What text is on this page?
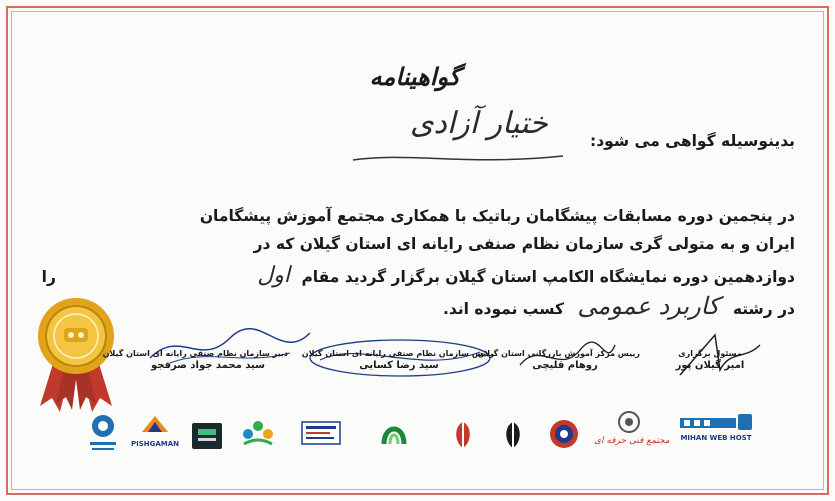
گواهینامه
بدینوسیله گواهی می شود:
ختیار آزادی
در پنجمین دوره مسابقات پیشگامان رباتیک با همکاری مجتمع آموزش پیشگامان
ایران و به متولی گری سازمان نظام صنفی رایانه ای استان گیلان که در
دوازدهمین دوره نمایشگاه الکامپ استان گیلان برگزار گردید مقام اول را
در رشته کاربرد عمومی کسب نموده اند.
دبیر سازمان نظام صنفی رایانه ای استان گیلان
سید محمد جواد صرفجو
رییس سازمان نظام صنفی رایانه ای استان گیلان
سید رضا کسایی
رییس مرکز آموزش بازرگانی استان گیلان
روهام قلیچی
مسئول برگزاری
امیر گیلان پور
PISHGAMAN	مجتمع فنی حرفه ای	MIHAN WEB HOST
